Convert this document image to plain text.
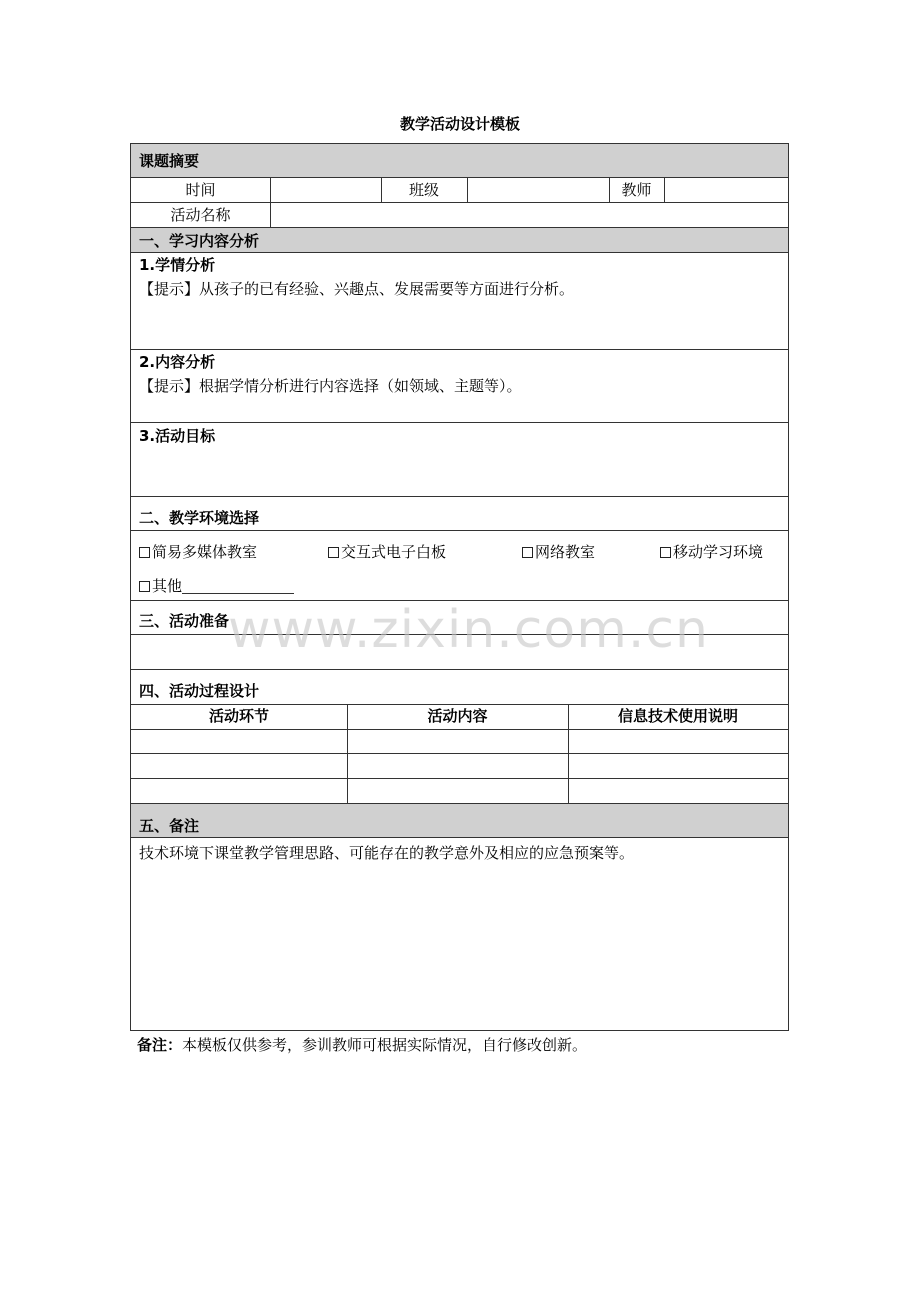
教学活动设计模板
课题摘要
时间	班级	教师
活动名称
一、学习内容分析
1.学情分析
【提示】从孩子的已有经验、兴趣点、发展需要等方面进行分析。
2.内容分析
【提示】根据学情分析进行内容选择（如领域、主题等）。
3.活动目标
二、教学环境选择
简易多媒体教室	交互式电子白板	网络教室	移动学习环境
其他
三、活动准备
四、活动过程设计
活动环节	活动内容	信息技术使用说明
五、备注
技术环境下课堂教学管理思路、可能存在的教学意外及相应的应急预案等。
www.zixin.com.cn
备注：本模板仅供参考，参训教师可根据实际情况，自行修改创新。
